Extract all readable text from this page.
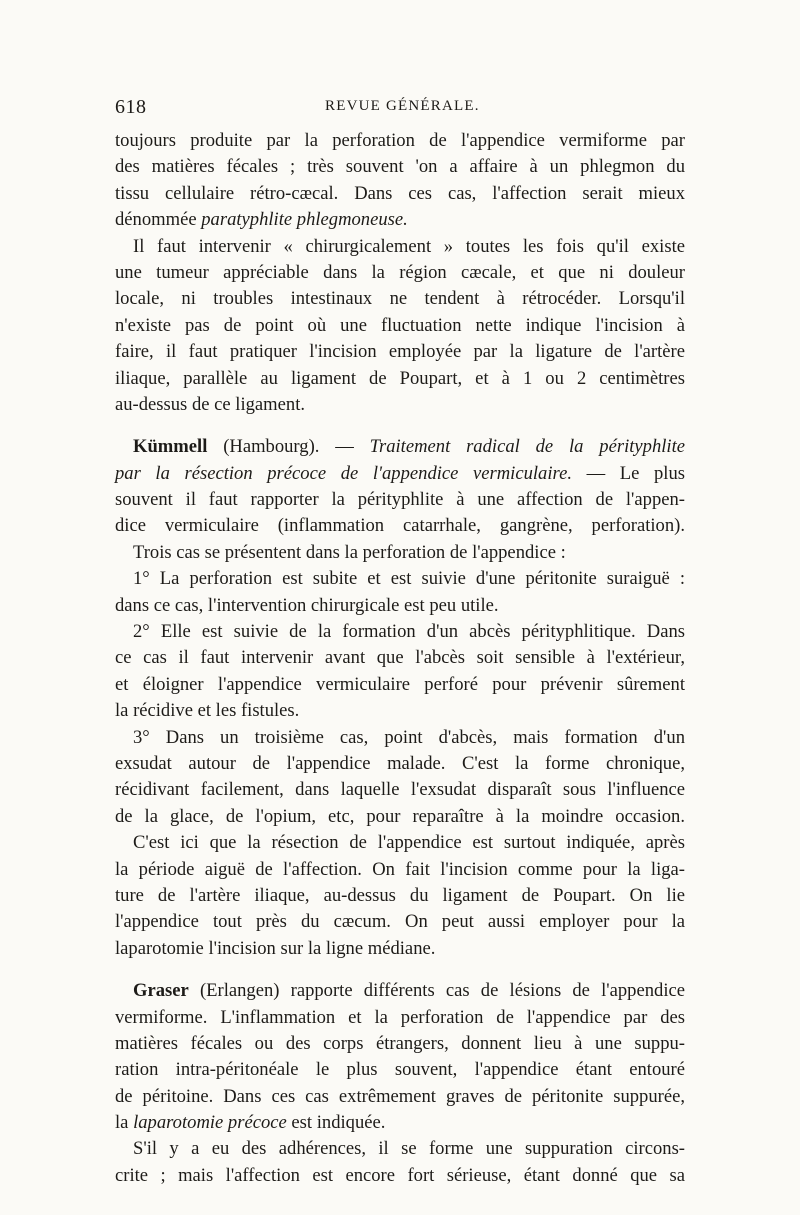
618	REVUE GÉNÉRALE.
toujours produite par la perforation de l'appendice vermiforme par
des matières fécales ; très souvent 'on a affaire à un phlegmon du
tissu cellulaire rétro-cæcal. Dans ces cas, l'affection serait mieux
dénommée paratyphlite phlegmoneuse.
Il faut intervenir « chirurgicalement » toutes les fois qu'il existe
une tumeur appréciable dans la région cæcale, et que ni douleur
locale, ni troubles intestinaux ne tendent à rétrocéder. Lorsqu'il
n'existe pas de point où une fluctuation nette indique l'incision à
faire, il faut pratiquer l'incision employée par la ligature de l'artère
iliaque, parallèle au ligament de Poupart, et à 1 ou 2 centimètres
au-dessus de ce ligament.
Kümmell (Hambourg). — Traitement radical de la pérityphlite
par la résection précoce de l'appendice vermiculaire. — Le plus
souvent il faut rapporter la pérityphlite à une affection de l'appen-
dice vermiculaire (inflammation catarrhale, gangrène, perforation).
Trois cas se présentent dans la perforation de l'appendice :
1° La perforation est subite et est suivie d'une péritonite suraiguë :
dans ce cas, l'intervention chirurgicale est peu utile.
2° Elle est suivie de la formation d'un abcès pérityphlitique. Dans
ce cas il faut intervenir avant que l'abcès soit sensible à l'extérieur,
et éloigner l'appendice vermiculaire perforé pour prévenir sûrement
la récidive et les fistules.
3° Dans un troisième cas, point d'abcès, mais formation d'un
exsudat autour de l'appendice malade. C'est la forme chronique,
récidivant facilement, dans laquelle l'exsudat disparaît sous l'influence
de la glace, de l'opium, etc, pour reparaître à la moindre occasion.
C'est ici que la résection de l'appendice est surtout indiquée, après
la période aiguë de l'affection. On fait l'incision comme pour la liga-
ture de l'artère iliaque, au-dessus du ligament de Poupart. On lie
l'appendice tout près du cæcum. On peut aussi employer pour la
laparotomie l'incision sur la ligne médiane.
Graser (Erlangen) rapporte différents cas de lésions de l'appendice
vermiforme. L'inflammation et la perforation de l'appendice par des
matières fécales ou des corps étrangers, donnent lieu à une suppu-
ration intra-péritonéale le plus souvent, l'appendice étant entouré
de péritoine. Dans ces cas extrêmement graves de péritonite suppurée,
la laparotomie précoce est indiquée.
S'il y a eu des adhérences, il se forme une suppuration circons-
crite ; mais l'affection est encore fort sérieuse, étant donné que sa
